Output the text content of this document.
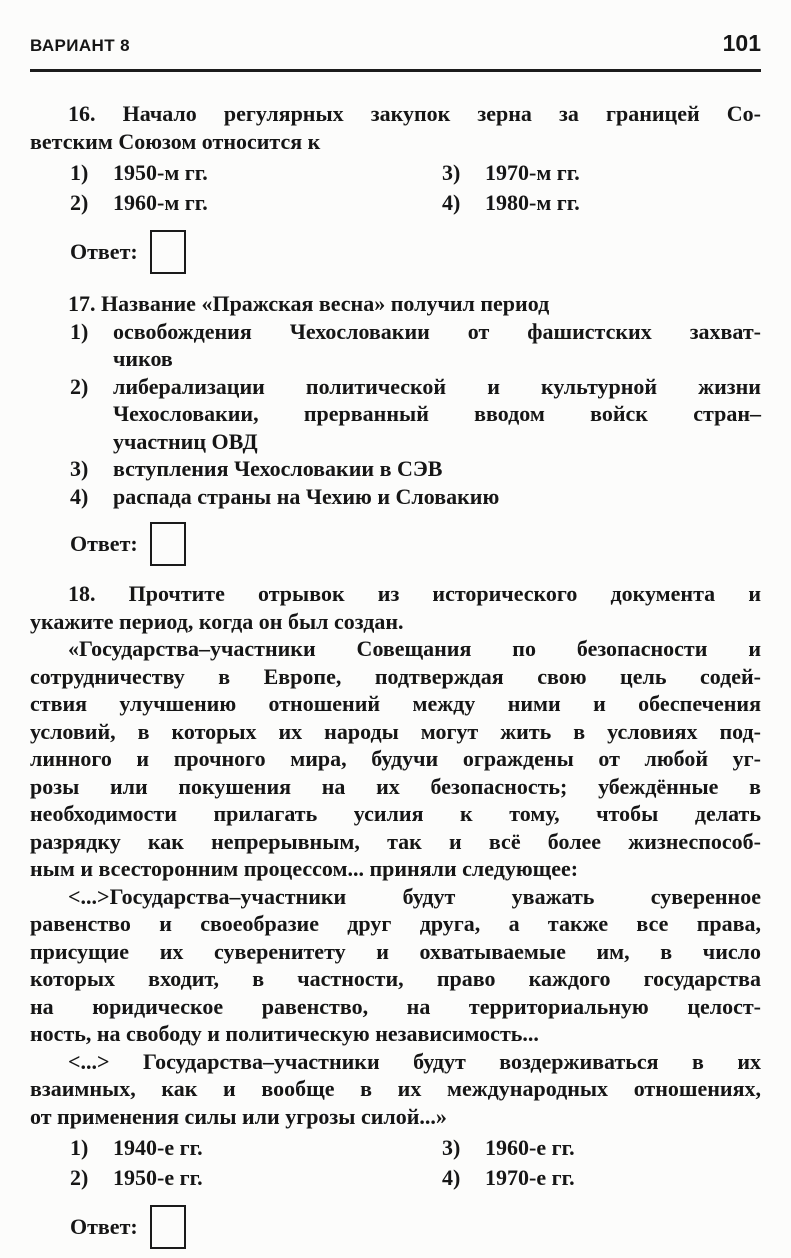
ВАРИАНТ 8	101
16. Начало регулярных закупок зерна за границей Со-
ветским Союзом относится к
1)	1950-м гг.	3)	1970-м гг.
2)	1960-м гг.	4)	1980-м гг.
Ответ:
17. Название «Пражская весна» получил период
1)	освобождения Чехословакии от фашистских захват-
чиков
2)	либерализации политической и культурной жизни
Чехословакии, прерванный вводом войск стран–
участниц ОВД
3)	вступления Чехословакии в СЭВ
4)	распада страны на Чехию и Словакию
Ответ:
18. Прочтите отрывок из исторического документа и
укажите период, когда он был создан.
«Государства–участники Совещания по безопасности и
сотрудничеству в Европе, подтверждая свою цель содей-
ствия улучшению отношений между ними и обеспечения
условий, в которых их народы могут жить в условиях под-
линного и прочного мира, будучи ограждены от любой уг-
розы или покушения на их безопасность; убеждённые в
необходимости прилагать усилия к тому, чтобы делать
разрядку как непрерывным, так и всё более жизнеспособ-
ным и всесторонним процессом... приняли следующее:
<...>Государства–участники будут уважать суверенное
равенство и своеобразие друг друга, а также все права,
присущие их суверенитету и охватываемые им, в число
которых входит, в частности, право каждого государства
на юридическое равенство, на территориальную целост-
ность, на свободу и политическую независимость...
<...> Государства–участники будут воздерживаться в их
взаимных, как и вообще в их международных отношениях,
от применения силы или угрозы силой...»
1)	1940-е гг.	3)	1960-е гг.
2)	1950-е гг.	4)	1970-е гг.
Ответ:
